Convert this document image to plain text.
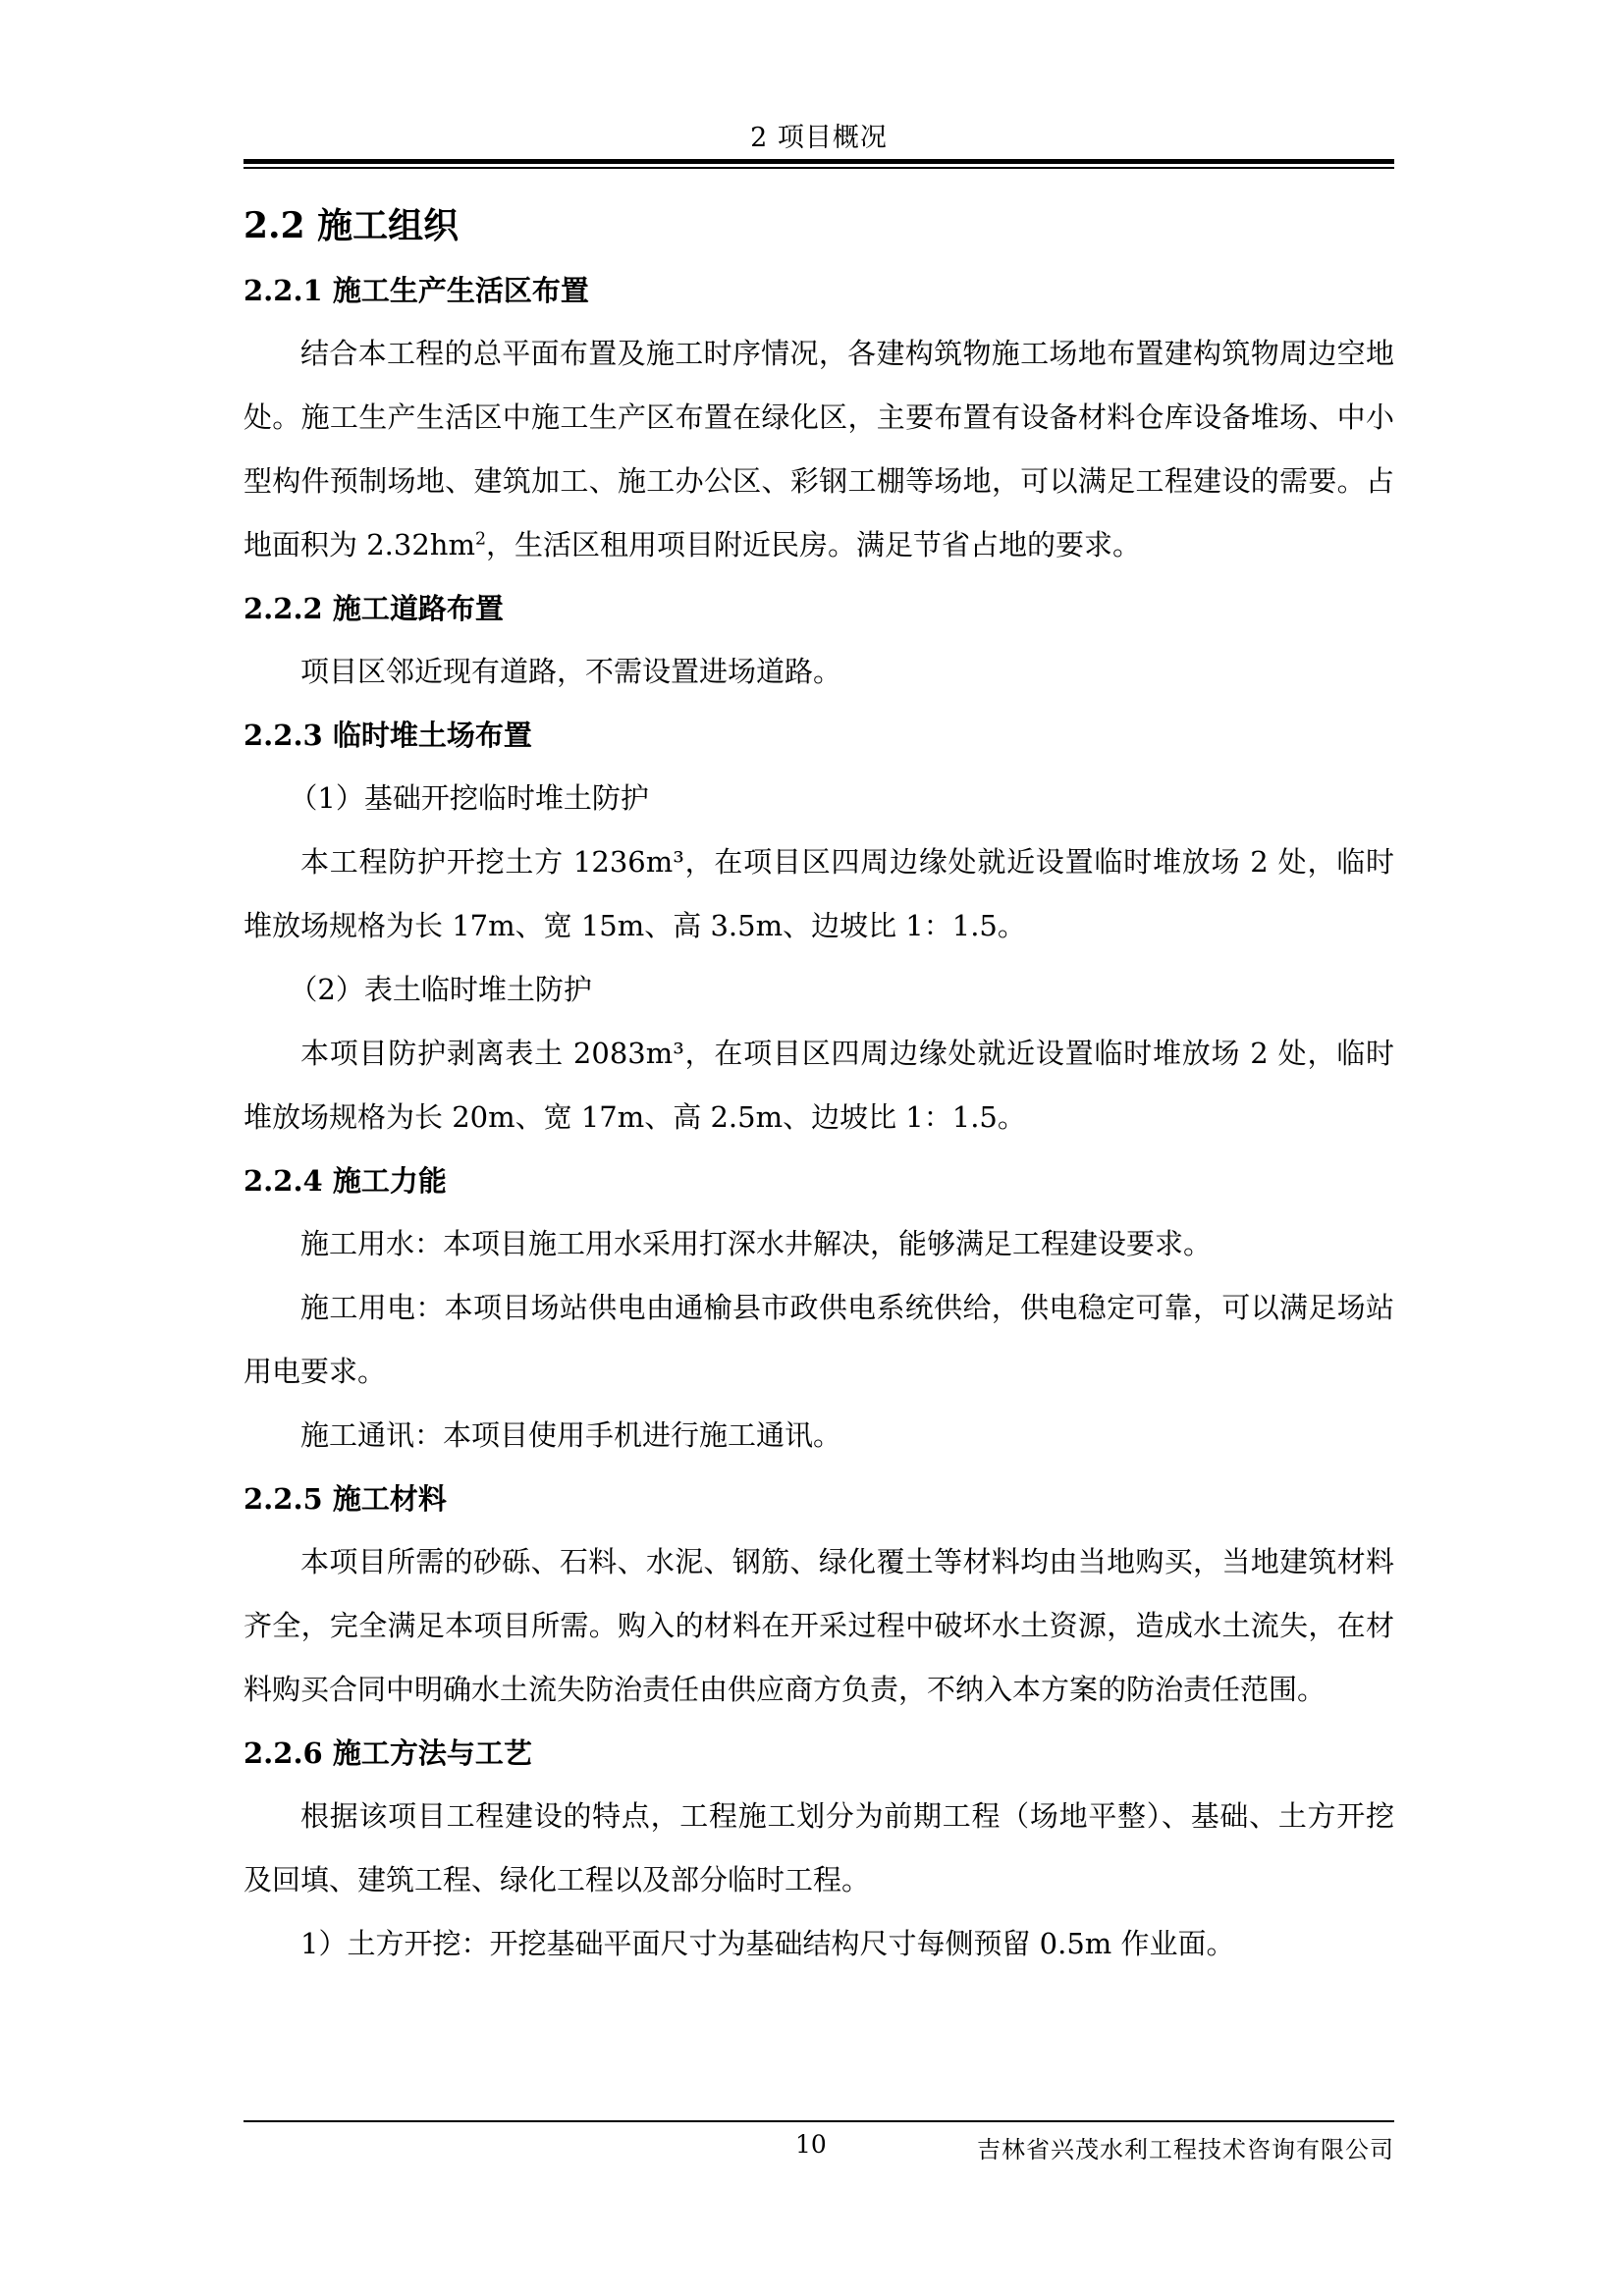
2 项目概况
2.2 施工组织
2.2.1 施工生产生活区布置

结合本工程的总平面布置及施工时序情况，各建构筑物施工场地布置建构筑物周边空地处。施工生产生活区中施工生产区布置在绿化区，主要布置有设备材料仓库设备堆场、中小型构件预制场地、建筑加工、施工办公区、彩钢工棚等场地，可以满足工程建设的需要。占地面积为 $2.32hm^2$，生活区租用项目附近民房。满足节省占地的要求。

2.2.2 施工道路布置

项目区邻近现有道路，不需设置进场道路。

2.2.3 临时堆土场布置

（1）基础开挖临时堆土防护

本工程防护开挖土方 1236m³，在项目区四周边缘处就近设置临时堆放场 2 处，临时堆放场规格为长 17m、宽 15m、高 3.5m、边坡比 1：1.5。

（2）表土临时堆土防护

本项目防护剥离表土 2083m³，在项目区四周边缘处就近设置临时堆放场 2 处，临时堆放场规格为长 20m、宽 17m、高 2.5m、边坡比 1：1.5。

2.2.4 施工力能

施工用水：本项目施工用水采用打深水井解决，能够满足工程建设要求。

施工用电：本项目场站供电由通榆县市政供电系统供给，供电稳定可靠，可以满足场站用电要求。

施工通讯：本项目使用手机进行施工通讯。

2.2.5 施工材料

本项目所需的砂砾、石料、水泥、钢筋、绿化覆土等材料均由当地购买，当地建筑材料齐全，完全满足本项目所需。购入的材料在开采过程中破坏水土资源，造成水土流失，在材料购买合同中明确水土流失防治责任由供应商方负责，不纳入本方案的防治责任范围。

2.2.6 施工方法与工艺

根据该项目工程建设的特点，工程施工划分为前期工程（场地平整）、基础、土方开挖及回填、建筑工程、绿化工程以及部分临时工程。

1）土方开挖：开挖基础平面尺寸为基础结构尺寸每侧预留 0.5m 作业面。

10	吉林省兴茂水利工程技术咨询有限公司
